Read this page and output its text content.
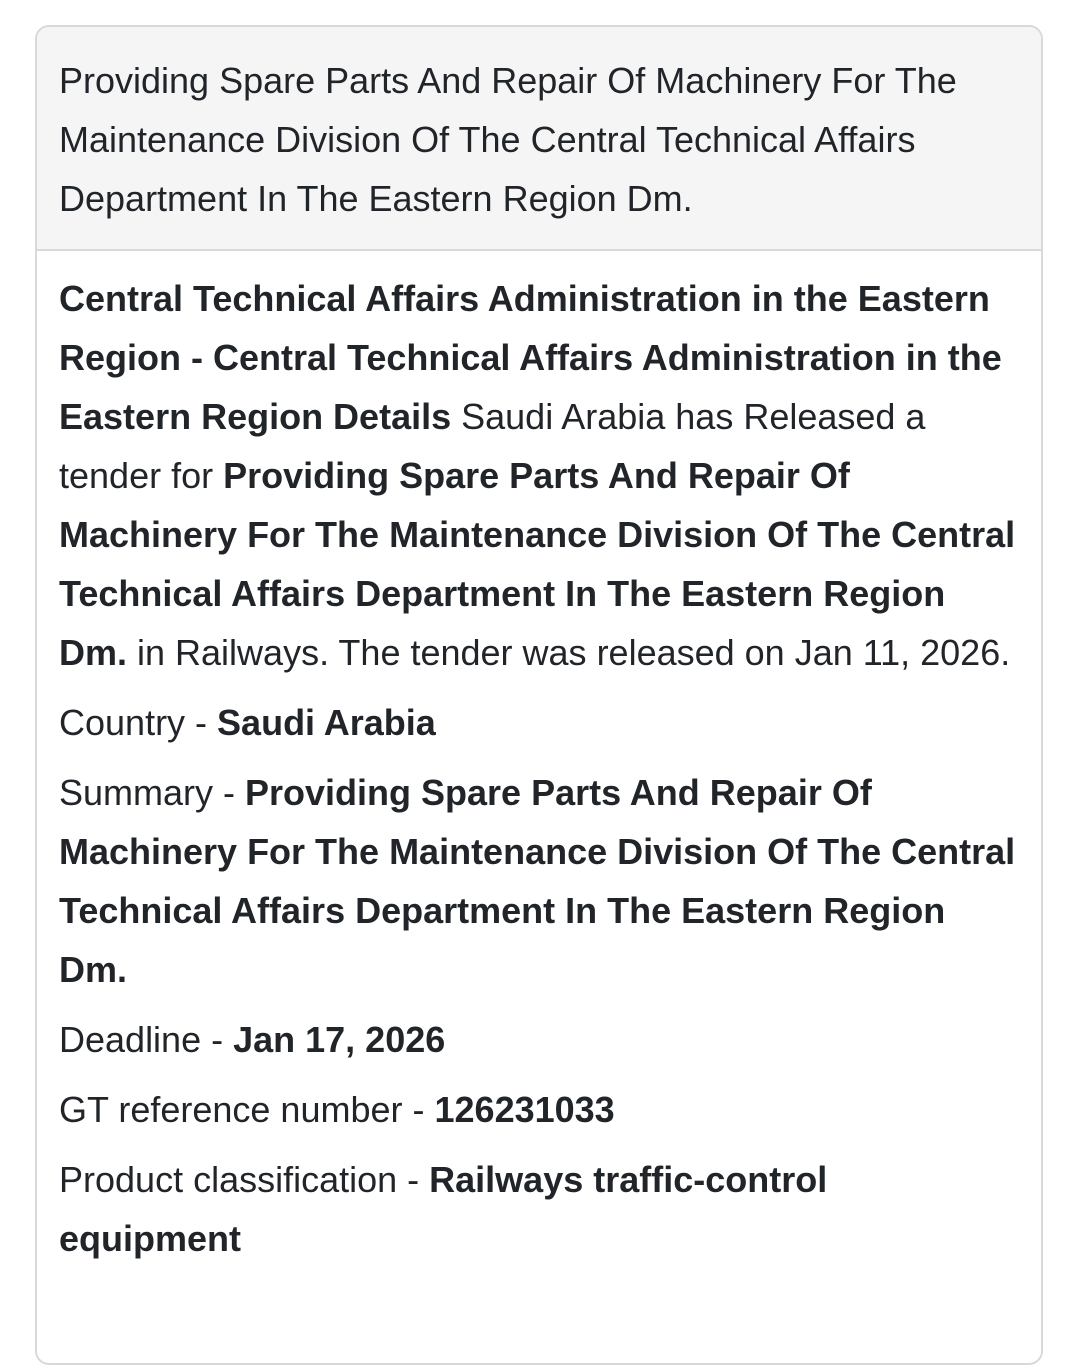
Providing Spare Parts And Repair Of Machinery For The Maintenance Division Of The Central Technical Affairs Department In The Eastern Region Dm.

Central Technical Affairs Administration in the Eastern Region - Central Technical Affairs Administration in the Eastern Region Details Saudi Arabia has Released a tender for Providing Spare Parts And Repair Of Machinery For The Maintenance Division Of The Central Technical Affairs Department In The Eastern Region Dm. in Railways. The tender was released on Jan 11, 2026.

Country - Saudi Arabia
Summary - Providing Spare Parts And Repair Of Machinery For The Maintenance Division Of The Central Technical Affairs Department In The Eastern Region Dm.
Deadline - Jan 17, 2026
GT reference number - 126231033
Product classification - Railways traffic-control equipment
